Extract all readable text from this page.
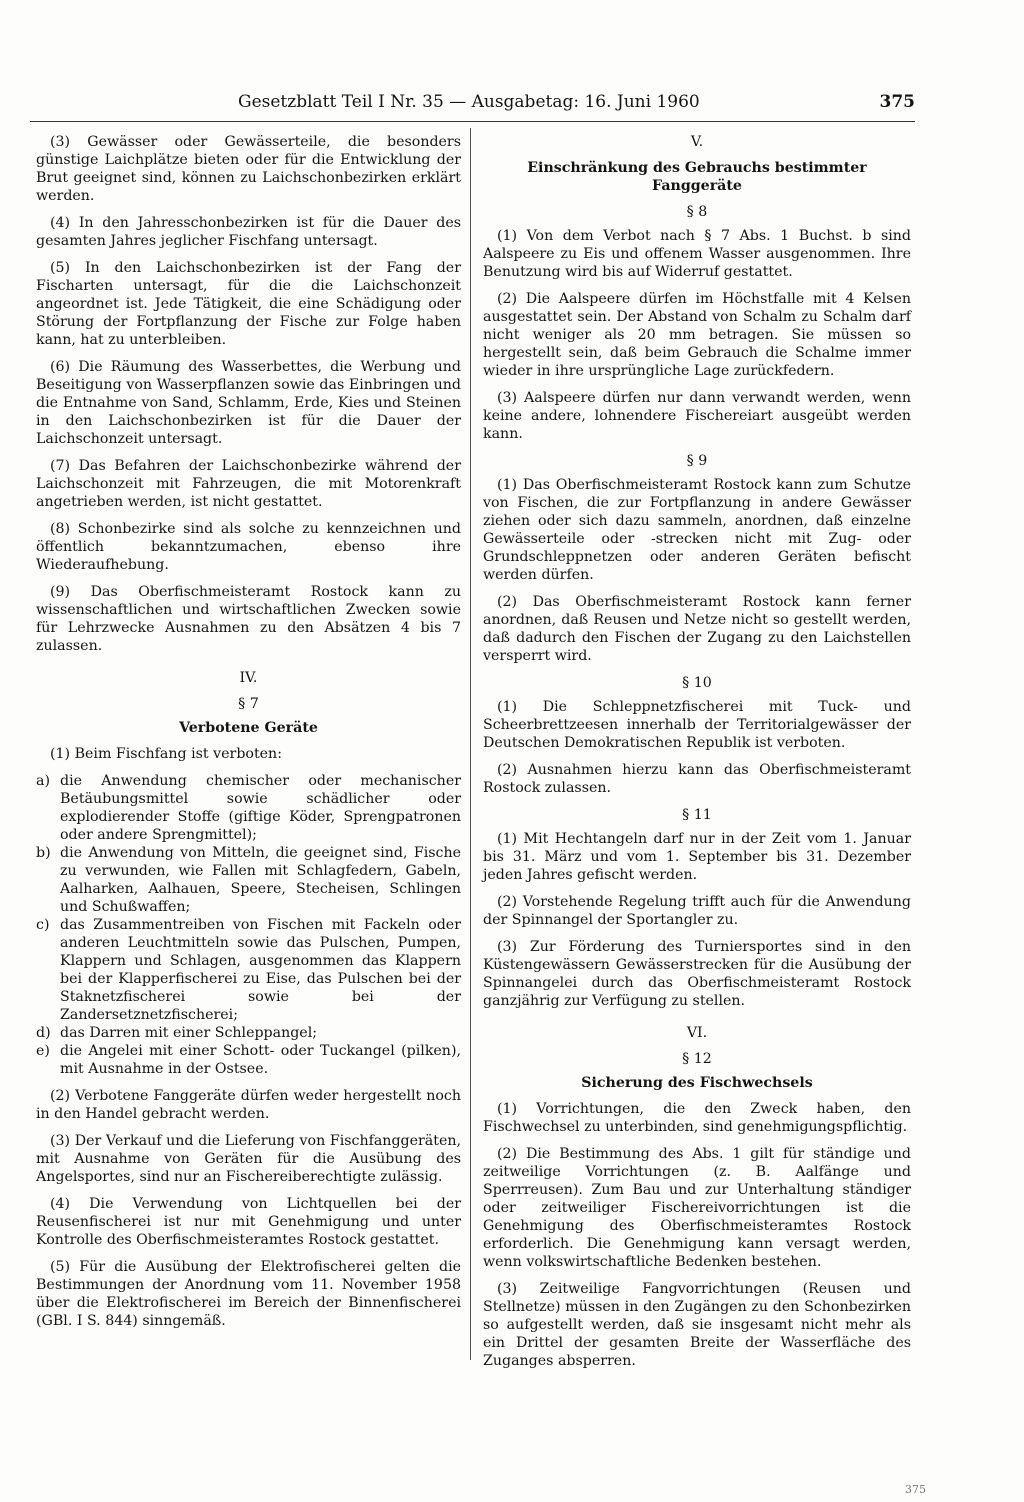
Gesetzblatt Teil I Nr. 35 — Ausgabetag: 16. Juni 1960	375

(3) Gewässer oder Gewässerteile, die besonders günstige Laichplätze bieten oder für die Entwicklung der Brut geeignet sind, können zu Laichschonbezirken erklärt werden.

(4) In den Jahresschonbezirken ist für die Dauer des gesamten Jahres jeglicher Fischfang untersagt.

(5) In den Laichschonbezirken ist der Fang der Fischarten untersagt, für die die Laichschonzeit angeordnet ist. Jede Tätigkeit, die eine Schädigung oder Störung der Fortpflanzung der Fische zur Folge haben kann, hat zu unterbleiben.

(6) Die Räumung des Wasserbettes, die Werbung und Beseitigung von Wasserpflanzen sowie das Einbringen und die Entnahme von Sand, Schlamm, Erde, Kies und Steinen in den Laichschonbezirken ist für die Dauer der Laichschonzeit untersagt.

(7) Das Befahren der Laichschonbezirke während der Laichschonzeit mit Fahrzeugen, die mit Motorenkraft angetrieben werden, ist nicht gestattet.

(8) Schonbezirke sind als solche zu kennzeichnen und öffentlich bekanntzumachen, ebenso ihre Wiederaufhebung.

(9) Das Oberfischmeisteramt Rostock kann zu wissenschaftlichen und wirtschaftlichen Zwecken sowie für Lehrzwecke Ausnahmen zu den Absätzen 4 bis 7 zulassen.

IV.
§ 7
Verbotene Geräte

(1) Beim Fischfang ist verboten:

a) die Anwendung chemischer oder mechanischer Betäubungsmittel sowie schädlicher oder explodierender Stoffe (giftige Köder, Sprengpatronen oder andere Sprengmittel);
b) die Anwendung von Mitteln, die geeignet sind, Fische zu verwunden, wie Fallen mit Schlagfedern, Gabeln, Aalharken, Aalhauen, Speere, Stecheisen, Schlingen und Schußwaffen;
c) das Zusammentreiben von Fischen mit Fackeln oder anderen Leuchtmitteln sowie das Pulschen, Pumpen, Klappern und Schlagen, ausgenommen das Klappern bei der Klapperfischerei zu Eise, das Pulschen bei der Staknetzfischerei sowie bei der Zandersetznetzfischerei;
d) das Darren mit einer Schleppangel;
e) die Angelei mit einer Schott- oder Tuckangel (pilken), mit Ausnahme in der Ostsee.

(2) Verbotene Fanggeräte dürfen weder hergestellt noch in den Handel gebracht werden.

(3) Der Verkauf und die Lieferung von Fischfanggeräten, mit Ausnahme von Geräten für die Ausübung des Angelsportes, sind nur an Fischereiberechtigte zulässig.

(4) Die Verwendung von Lichtquellen bei der Reusenfischerei ist nur mit Genehmigung und unter Kontrolle des Oberfischmeisteramtes Rostock gestattet.

(5) Für die Ausübung der Elektrofischerei gelten die Bestimmungen der Anordnung vom 11. November 1958 über die Elektrofischerei im Bereich der Binnenfischerei (GBl. I S. 844) sinngemäß.

V.
Einschränkung des Gebrauchs bestimmter Fanggeräte
§ 8

(1) Von dem Verbot nach § 7 Abs. 1 Buchst. b sind Aalspeere zu Eis und offenem Wasser ausgenommen. Ihre Benutzung wird bis auf Widerruf gestattet.

(2) Die Aalspeere dürfen im Höchstfalle mit 4 Kelsen ausgestattet sein. Der Abstand von Schalm zu Schalm darf nicht weniger als 20 mm betragen. Sie müssen so hergestellt sein, daß beim Gebrauch die Schalme immer wieder in ihre ursprüngliche Lage zurückfedern.

(3) Aalspeere dürfen nur dann verwandt werden, wenn keine andere, lohnendere Fischereiart ausgeübt werden kann.

§ 9

(1) Das Oberfischmeisteramt Rostock kann zum Schutze von Fischen, die zur Fortpflanzung in andere Gewässer ziehen oder sich dazu sammeln, anordnen, daß einzelne Gewässerteile oder -strecken nicht mit Zug- oder Grundschleppnetzen oder anderen Geräten befischt werden dürfen.

(2) Das Oberfischmeisteramt Rostock kann ferner anordnen, daß Reusen und Netze nicht so gestellt werden, daß dadurch den Fischen der Zugang zu den Laichstellen versperrt wird.

§ 10

(1) Die Schleppnetzfischerei mit Tuck- und Scheerbrettzeesen innerhalb der Territorialgewässer der Deutschen Demokratischen Republik ist verboten.

(2) Ausnahmen hierzu kann das Oberfischmeisteramt Rostock zulassen.

§ 11

(1) Mit Hechtangeln darf nur in der Zeit vom 1. Januar bis 31. März und vom 1. September bis 31. Dezember jeden Jahres gefischt werden.

(2) Vorstehende Regelung trifft auch für die Anwendung der Spinnangel der Sportangler zu.

(3) Zur Förderung des Turniersportes sind in den Küstengewässern Gewässerstrecken für die Ausübung der Spinnangelei durch das Oberfischmeisteramt Rostock ganzjährig zur Verfügung zu stellen.

VI.
§ 12
Sicherung des Fischwechsels

(1) Vorrichtungen, die den Zweck haben, den Fischwechsel zu unterbinden, sind genehmigungspflichtig.

(2) Die Bestimmung des Abs. 1 gilt für ständige und zeitweilige Vorrichtungen (z. B. Aalfänge und Sperrreusen). Zum Bau und zur Unterhaltung ständiger oder zeitweiliger Fischereivorrichtungen ist die Genehmigung des Oberfischmeisteramtes Rostock erforderlich. Die Genehmigung kann versagt werden, wenn volkswirtschaftliche Bedenken bestehen.

(3) Zeitweilige Fangvorrichtungen (Reusen und Stellnetze) müssen in den Zugängen zu den Schonbezirken so aufgestellt werden, daß sie insgesamt nicht mehr als ein Drittel der gesamten Breite der Wasserfläche des Zuganges absperren.

375
